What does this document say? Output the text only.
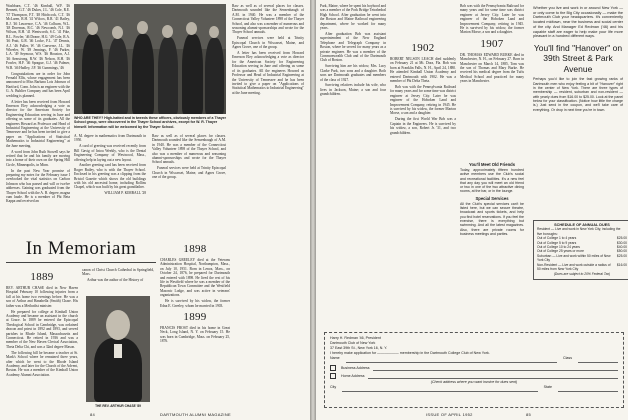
Washburn, C.T. '46 Kimball, W.F. '46 Bennett, G.T. '46 Dukes, J.L. '46 Cole, R.E. '37 Thompson, F.T. '48 Hitchcock, C.T. '46 McLaren, R.H. '41 Wilcox, R.R. '41 Bailey, R.J. '46 Lawrence, C.A. '46 Colburn, W.L. '48 Doremus, R.C. '46 Newcomb, N.J. '46 Wilson, R.H. '41 Wentworth, S.C. '41 Pike, R.L. Fowler, '46 Deane, H.G. '49 Cole, R.A. '46 Pratt, G.R. '46 Locke, F.L. '47 Dennis, A.J. '46 Fuller, W. '46 Converse, J.L. '46 Wheeler, W. '49 Jennings, F. '46 Parker, L.A. '49 Seymour, W.S. '46 Houston, A.J. '46 Armstrong, R.W. '46 Nelson, R.H. '46 Fowler, H.F. '46 Sprague, G.J. '46 Palmer, W.R. '46 Hadley, J.P. '46 Cummings, '46

Congratulations are in order for John Fernald Ellis, whose engagement has been announced to Miss Barbara Lois Johnson of Hartford, Conn. John is an engineer with the G. A. Bublier Company and has been April wedding is planned.

A letter has been received from Howard Emerson Eley acknowledging a vote as director for the American Society for Engineering Education serving in June and offering us some of its graduates. All the engineers Howard as Professor and Head of Industrial Engineering at the University of Tennessee and he has been invited to give a paper on "Applications of Statistical Mathematics to Industrial Engineering" at the June meeting.

A word from John Ruth Stowell says he retired that he and his family are moving into a home of their own on the Spring Hill Circle, Minneapolis, in Minn.

In the past New Year promise of preparing my notes for the February issue I overlooked the vital statistics on Carlton Johnson who has passed and will or twelve addresses. Gaining was graduated from the Thayer School with the A. B. degree, magna cum laude. He is a member of Phi Beta Kappa and received an

WHO ARE THEY? High-hatted and in tweeds these officers, obviously members of a Thayer School group, were discovered in the Thayer School archives, except for W. R. Thayer himself. Information will be welcomed by the Thayer School.

A. M. degree in mathematics from Dartmouth in 1950.

A card of greeting was received recently from Bill Gavig of Intoa Weekly, who is the Dental Engineering Company of Westwood, Mass., offering help in laying out a new layout.

Another greeting card has been received from Roger Bailey, who is with the Thayer School. Enclosed in his greeting was a clipping from the Bristol Gazette which shows the old buildings with his old ancestral home, including Rollins Chapel, which was built by his great grandfather.

WILLIAM P. KIMBALL '28

Raw as well as of several places for classes. Dartmouth sounded like the Sensenbaugh of A.M. in 1940. He was a member of the Connecticut Valley Volunteer 1898 of the Thayer School, and also was a member of numerous and seasoning alumni-sponsorships and wrote for the Thayer School annuals.

Funeral services were held at Trinity Episcopal Church in Wiscasset, Maine, and Agnes Grove, one of the group.

In Memoriam
1889

REV. ARTHUR CHASE died in New Haven Hospital February 10 following injuries from a fall at his home two evenings before. He was a son of Arthur and Hanabella (Smith) Chase. His father was a Methodist minister.

He prepared for college at Kimball Union Academy and became an assistant in the church at Grace. In 1889 he entered the Episcopal Theological School in Cambridge, was ordained deacon and priest in 1892 and 1893, and served parishes in Rhode Island, Massachusetts and Connecticut. He retired in 1936 and was a member of the New Haven Clerical Association, Theta Delta Chi, and was a 32nd degree Mason.

The following bill he became a teacher at St. Mark's School where he remained three years, after which he went to the Rhode Island Academy, and later for the Church of the Advent, Boston. He was a member of the Kimball Union Academy Alumni Association.

canon of Christ Church Cathedral in Springfield, Mass.

Arthur was the author of the History of

THE REV. ARTHUR CHASE '89
1898

CHARLES GREELEY died at the Veterans Administration Hospital, Northampton, Mass., on July 10, 1951. Born in Lenox, Mass., on October 24, 1876, he prepared for Dartmouth and entered with 1898. He lived the rest of his life in Westfield where he was a member of the Republican Town Committee and the Westfield Masonic Lodge, and was active in veterans' organizations.

He is survived by his widow, the former Edna E. Greeley, whom he married in 1903.

1899

FRANCIS FROST died in his home in Great Neck, Long Island, N. Y. on February 15. He was born in Cambridge, Mass. on February 25, 1876.

Raw as well as of several places for classes. Dartmouth sounded like the Sensenbaugh of A.M. in 1940. He was a member of the Connecticut Valley Volunteer 1898 of the Thayer School, and also was a member of numerous and seasoning alumni-sponsorships and wrote for the Thayer School annuals.

Funeral services were held at Trinity Episcopal Church in Wiscasset, Maine, and Agnes Grove, one of the group.

A letter has been received from Howard Emerson Eley acknowledging a vote as director for the American Society for Engineering Education serving in June and offering us some of its graduates. All the engineers Howard as Professor and Head of Industrial Engineering at the University of Tennessee and he has been invited to give a paper on "Applications of Statistical Mathematics to Industrial Engineering" at the June meeting.

84	DARTMOUTH ALUMNI MAGAZINE

Park, Maine, where he spent his boyhood and was a member of the Pork Bridge Tetrahedral High School. After graduation he went into the Boston and Maine Railroad engineering department, where he worked for many years.

After graduation Bob was assistant superintendent of the New England Telephone and Telegraph Company in Boston, where he served for many years as a private engineer. He was a member of the Commonwealth Club and of the Dartmouth Club of Boston.

Surviving him are his widow, Mrs. Lucy Clarke Park, two sons and a daughter. Both sons are Dartmouth graduates and members of the class of 1927.

Surviving relatives include his wife, who lives in Jackson, Maine; a son and four grandchildren.

1902

ROBERT NELSON LEACH died suddenly on February 21 at Mt. Dora, Fla. Bob was born at Franklin Falls, N. H., April 24, 1880. He attended Kimball Union Academy and entered Dartmouth with 1902. He was a member of Phi Delta Theta.

Bob was with the Pennsylvania Railroad for many years and for some time was district engineer at Jersey City. Later he was engineer of the Hoboken Land and Improvement Company, retiring in 1945. He is survived by his widow, the former Marion Morse, a son and a daughter.

During the first World War Bob was a Captain in the Engineers. He is survived by his widow, a son, Robert Jr. '31, and two grandchildren.

Bob was with the Pennsylvania Railroad for many years and for some time was district engineer at Jersey City. Later he was engineer of the Hoboken Land and Improvement Company, retiring in 1945. He is survived by his widow, the former Marion Morse, a son and a daughter.

1907

DR. THOMAS EDWARD BURKE died in Manchester, N. H., on February 27. Born in Manchester on March 14, 1885, Tom was the son of Thomas and Mary Burke. He received his medical degree from the Tufts Medical School and practiced for many years in Manchester.

Whether you live and work in or around New York — or only come to the Big City occasionally — make the Dartmouth Club your headquarters. It's conveniently located midtown, near the business and social center of the city. And Manager Ed Redman ('46) and his capable staff are eager to help make your life more pleasant in a hundred different ways.
You'll find "Hanover" on 39th Street & Park Avenue
Perhaps you'd like to join the fast growing ranks of Dartmouth men who enjoy feeling a bit of "Hanover" right in the center of New York. There are three types of membership — resident, suburban and non-resident — with yearly dues from $16.00 to $25.00. Look at the panel below for your classification. (Notice how little the charge is.) Just send in the coupon, and we'll take care of everything. Or drop in next time you're in town.
You'll Meet Old Friends
Today, approximately fifteen hundred active members use the Club's social and recreational facilities. It's a new feel that any day you will meet an old friend or two in one of the two attractive dining rooms, at the bar, or in the lounge.
Special Services
All the Club's special services can't be listed here, but we can secure theatre, broadcast and sports tickets, and help you find hotel reservations. If you feel the exercise, there is everything but swimming. And all the latest magazines. Also, there are private rooms for business meetings and parties.
SCHEDULE OF ANNUAL DUES
Resident — Live and work in New York City, including the five boroughs:
Out of College 1 to 4 years	$25.00
Out of College 5 to 9 years	$30.00
Out of College 10 to 24 years	$40.00
Out of College 25 years or more	$50.00
Suburban — Live and work within 50 miles of New York City
$25.00
Non-Resident — Live and work outside a radius of 50 miles from New York City
$16.00
(Dues are subject to 20% Federal Tax)
Harry H. Redman '46, President
Dartmouth Club of New York
37 East 39th St., New York 16, N. Y.
I hereby make application for —————— membership in the Dartmouth College Club of New York.
Name	Class
Business Address
Home Address
(Check address where you want invoice for dues sent)
City	State
ISSUE OF APRIL 1952	85
